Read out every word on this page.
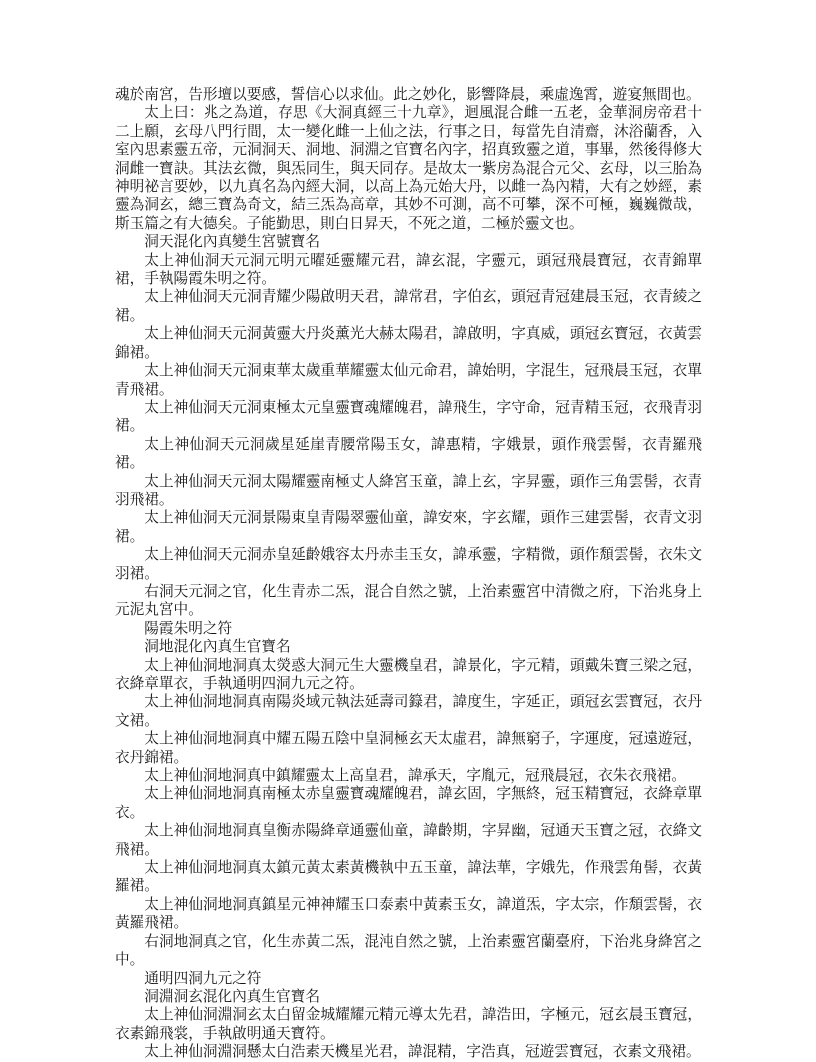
魂於南宮，告形壇以要感，誓信心以求仙。此之妙化，影響降晨，乘虛逸霄，遊宴無間也。

太上曰：兆之為道，存思《大洞真經三十九章》，迴風混合雌一五老，金華洞房帝君十二上願，玄母八門行間，太一變化雌一上仙之法，行事之日，每當先自清齋，沐浴蘭香，入室內思素靈五帝，元洞洞天、洞地、洞淵之官寶名內字，招真致靈之道，事畢，然後得修大洞雌一寶訣。其法玄微，與炁同生，與天同存。是故太一紫房為混合元父、玄母，以三胎為神明祕言要妙，以九真名為內經大洞，以高上為元始大丹，以雌一為內精，大有之妙經，素靈為洞玄，總三寶為奇文，結三炁為高章，其妙不可測，高不可攀，深不可極，巍巍微哉，斯玉篇之有大德矣。子能勤思，則白日昇天，不死之道，二極於靈文也。

洞天混化內真變生宮號寶名

太上神仙洞天元洞元明元曜延靈耀元君，諱玄混，字靈元，頭冠飛晨寶冠，衣青錦單裙，手執陽霞朱明之符。

太上神仙洞天元洞青耀少陽啟明天君，諱常君，字伯玄，頭冠青冠建晨玉冠，衣青綾之裙。

太上神仙洞天元洞黃靈大丹炎薰光大赫太陽君，諱啟明，字真威，頭冠玄寶冠，衣黃雲錦裙。

太上神仙洞天元洞東華太歲重華耀靈太仙元命君，諱始明，字混生，冠飛晨玉冠，衣單青飛裙。

太上神仙洞天元洞東極太元皇靈寶魂耀魄君，諱飛生，字守命，冠青精玉冠，衣飛青羽裙。

太上神仙洞天元洞歲星延崖青腰常陽玉女，諱惠精，字娥景，頭作飛雲髻，衣青羅飛裙。

太上神仙洞天元洞太陽耀靈南極丈人絳宮玉童，諱上玄，字昇靈，頭作三角雲髻，衣青羽飛裙。

太上神仙洞天元洞景陽東皇青陽翠靈仙童，諱安來，字玄耀，頭作三建雲髻，衣青文羽裙。

太上神仙洞天元洞赤皇延齡娥容太丹赤圭玉女，諱承靈，字精微，頭作頽雲髻，衣朱文羽裙。

右洞天元洞之官，化生青赤二炁，混合自然之號，上治素靈宮中清微之府，下治兆身上元泥丸宮中。

陽霞朱明之符

洞地混化內真生官寶名

太上神仙洞地洞真太熒惑大洞元生大靈機皇君，諱景化，字元精，頭戴朱寶三梁之冠，衣絳章單衣，手執通明四洞九元之符。

太上神仙洞地洞真南陽炎域元執法延壽司籙君，諱度生，字延正，頭冠玄雲寶冠，衣丹文裙。

太上神仙洞地洞真中耀五陽五陰中皇洞極玄天太虛君，諱無窮子，字運度，冠遠遊冠，衣丹錦裙。

太上神仙洞地洞真中鎮耀靈太上高皇君，諱承天，字胤元，冠飛晨冠，衣朱衣飛裙。

太上神仙洞地洞真南極太赤皇靈寶魂耀魄君，諱玄固，字無終，冠玉精寶冠，衣絳章單衣。

太上神仙洞地洞真皇衡赤陽絳章通靈仙童，諱齡期，字昇幽，冠通天玉寶之冠，衣絳文飛裙。

太上神仙洞地洞真太鎮元黃太素黃機執中五玉童，諱法華，字娥先，作飛雲角髻，衣黃羅裙。

太上神仙洞地洞真鎮星元神神耀玉口泰素中黃素玉女，諱道炁，字太宗，作頽雲髻，衣黃羅飛裙。

右洞地洞真之官，化生赤黃二炁，混沌自然之號，上治素靈宮蘭臺府，下治兆身絳宮之中。

通明四洞九元之符

洞淵洞玄混化內真生官寶名

太上神仙洞淵洞玄太白留金城耀耀元精元導太先君，諱浩田，字極元，冠玄晨玉寶冠，衣素錦飛裳，手執啟明通天寶符。

太上神仙洞淵洞懸太白浩素天機星光君，諱混精，字浩真，冠遊雲寶冠，衣素文飛裙。
